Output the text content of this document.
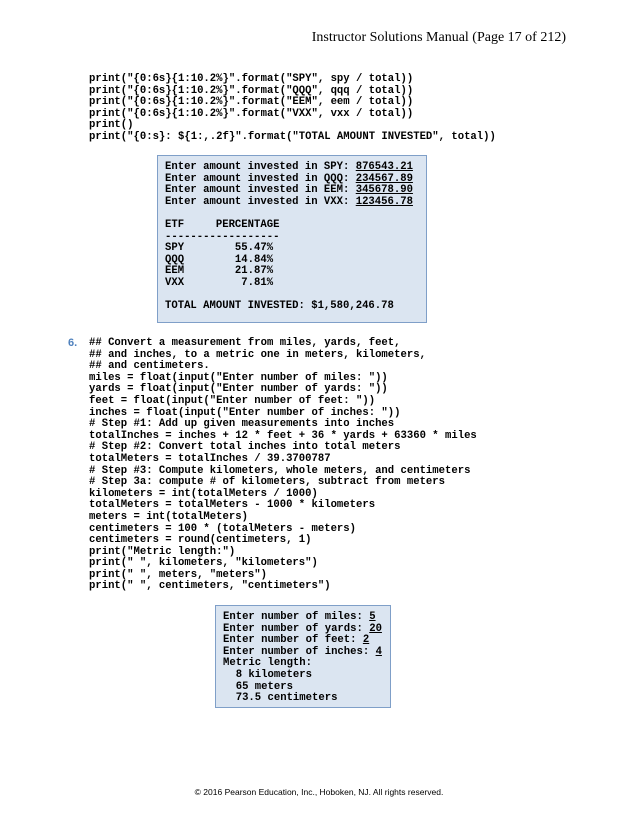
Instructor Solutions Manual (Page 17 of 212)
print("{0:6s}{1:10.2%}".format("SPY", spy / total))
print("{0:6s}{1:10.2%}".format("QQQ", qqq / total))
print("{0:6s}{1:10.2%}".format("EEM", eem / total))
print("{0:6s}{1:10.2%}".format("VXX", vxx / total))
print()
print("{0:s}: ${1:,.2f}".format("TOTAL AMOUNT INVESTED", total))
Enter amount invested in SPY: 876543.21
Enter amount invested in QQQ: 234567.89
Enter amount invested in EEM: 345678.90
Enter amount invested in VXX: 123456.78
ETF     PERCENTAGE
------------------
SPY        55.47%
QQQ        14.84%
EEM        21.87%
VXX         7.81%
TOTAL AMOUNT INVESTED: $1,580,246.78
6. ## Convert a measurement from miles, yards, feet,
## and inches, to a metric one in meters, kilometers,
## and centimeters.
miles = float(input("Enter number of miles: "))
yards = float(input("Enter number of yards: "))
feet = float(input("Enter number of feet: "))
inches = float(input("Enter number of inches: "))
# Step #1: Add up given measurements into inches
totalInches = inches + 12 * feet + 36 * yards + 63360 * miles
# Step #2: Convert total inches into total meters
totalMeters = totalInches / 39.3700787
# Step #3: Compute kilometers, whole meters, and centimeters
# Step 3a: compute # of kilometers, subtract from meters
kilometers = int(totalMeters / 1000)
totalMeters = totalMeters - 1000 * kilometers
meters = int(totalMeters)
centimeters = 100 * (totalMeters - meters)
centimeters = round(centimeters, 1)
print("Metric length:")
print(" ", kilometers, "kilometers")
print(" ", meters, "meters")
print(" ", centimeters, "centimeters")
Enter number of miles: 5
Enter number of yards: 20
Enter number of feet: 2
Enter number of inches: 4
Metric length:
8 kilometers
65 meters
73.5 centimeters
© 2016 Pearson Education, Inc., Hoboken, NJ. All rights reserved.
